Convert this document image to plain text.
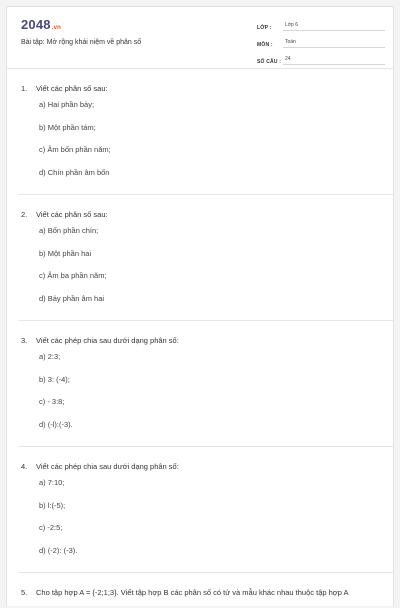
2048.vn
Bài tập: Mở rộng khái niệm về phân số
LỚP :	Lớp 6
MÔN :	Toán
SỐ CÂU : 24
1.	Viết các phân số sau:
a) Hai phần bảy;
b) Một phần tám;
c) Âm bốn phần năm;
d) Chín phần âm bốn
2.	Viết các phân số sau:
a) Bốn phần chín;
b) Một phần hai
c) Âm ba phần năm;
d) Bảy phần âm hai
3.	Viết các phép chia sau dưới dạng phân số:
a) 2:3;
b) 3: (-4);
c) - 3:8;
d) (-l):(-3).
4.	Viết các phép chia sau dưới dạng phân số:
a) 7:10;
b) l:(-5);
c) -2:5;
d) (-2): (-3).
5.	Cho tập hợp A = {-2;1;3}. Viết tập hợp B các phân số có tử và mẫu khác nhau thuộc tập hợp A
